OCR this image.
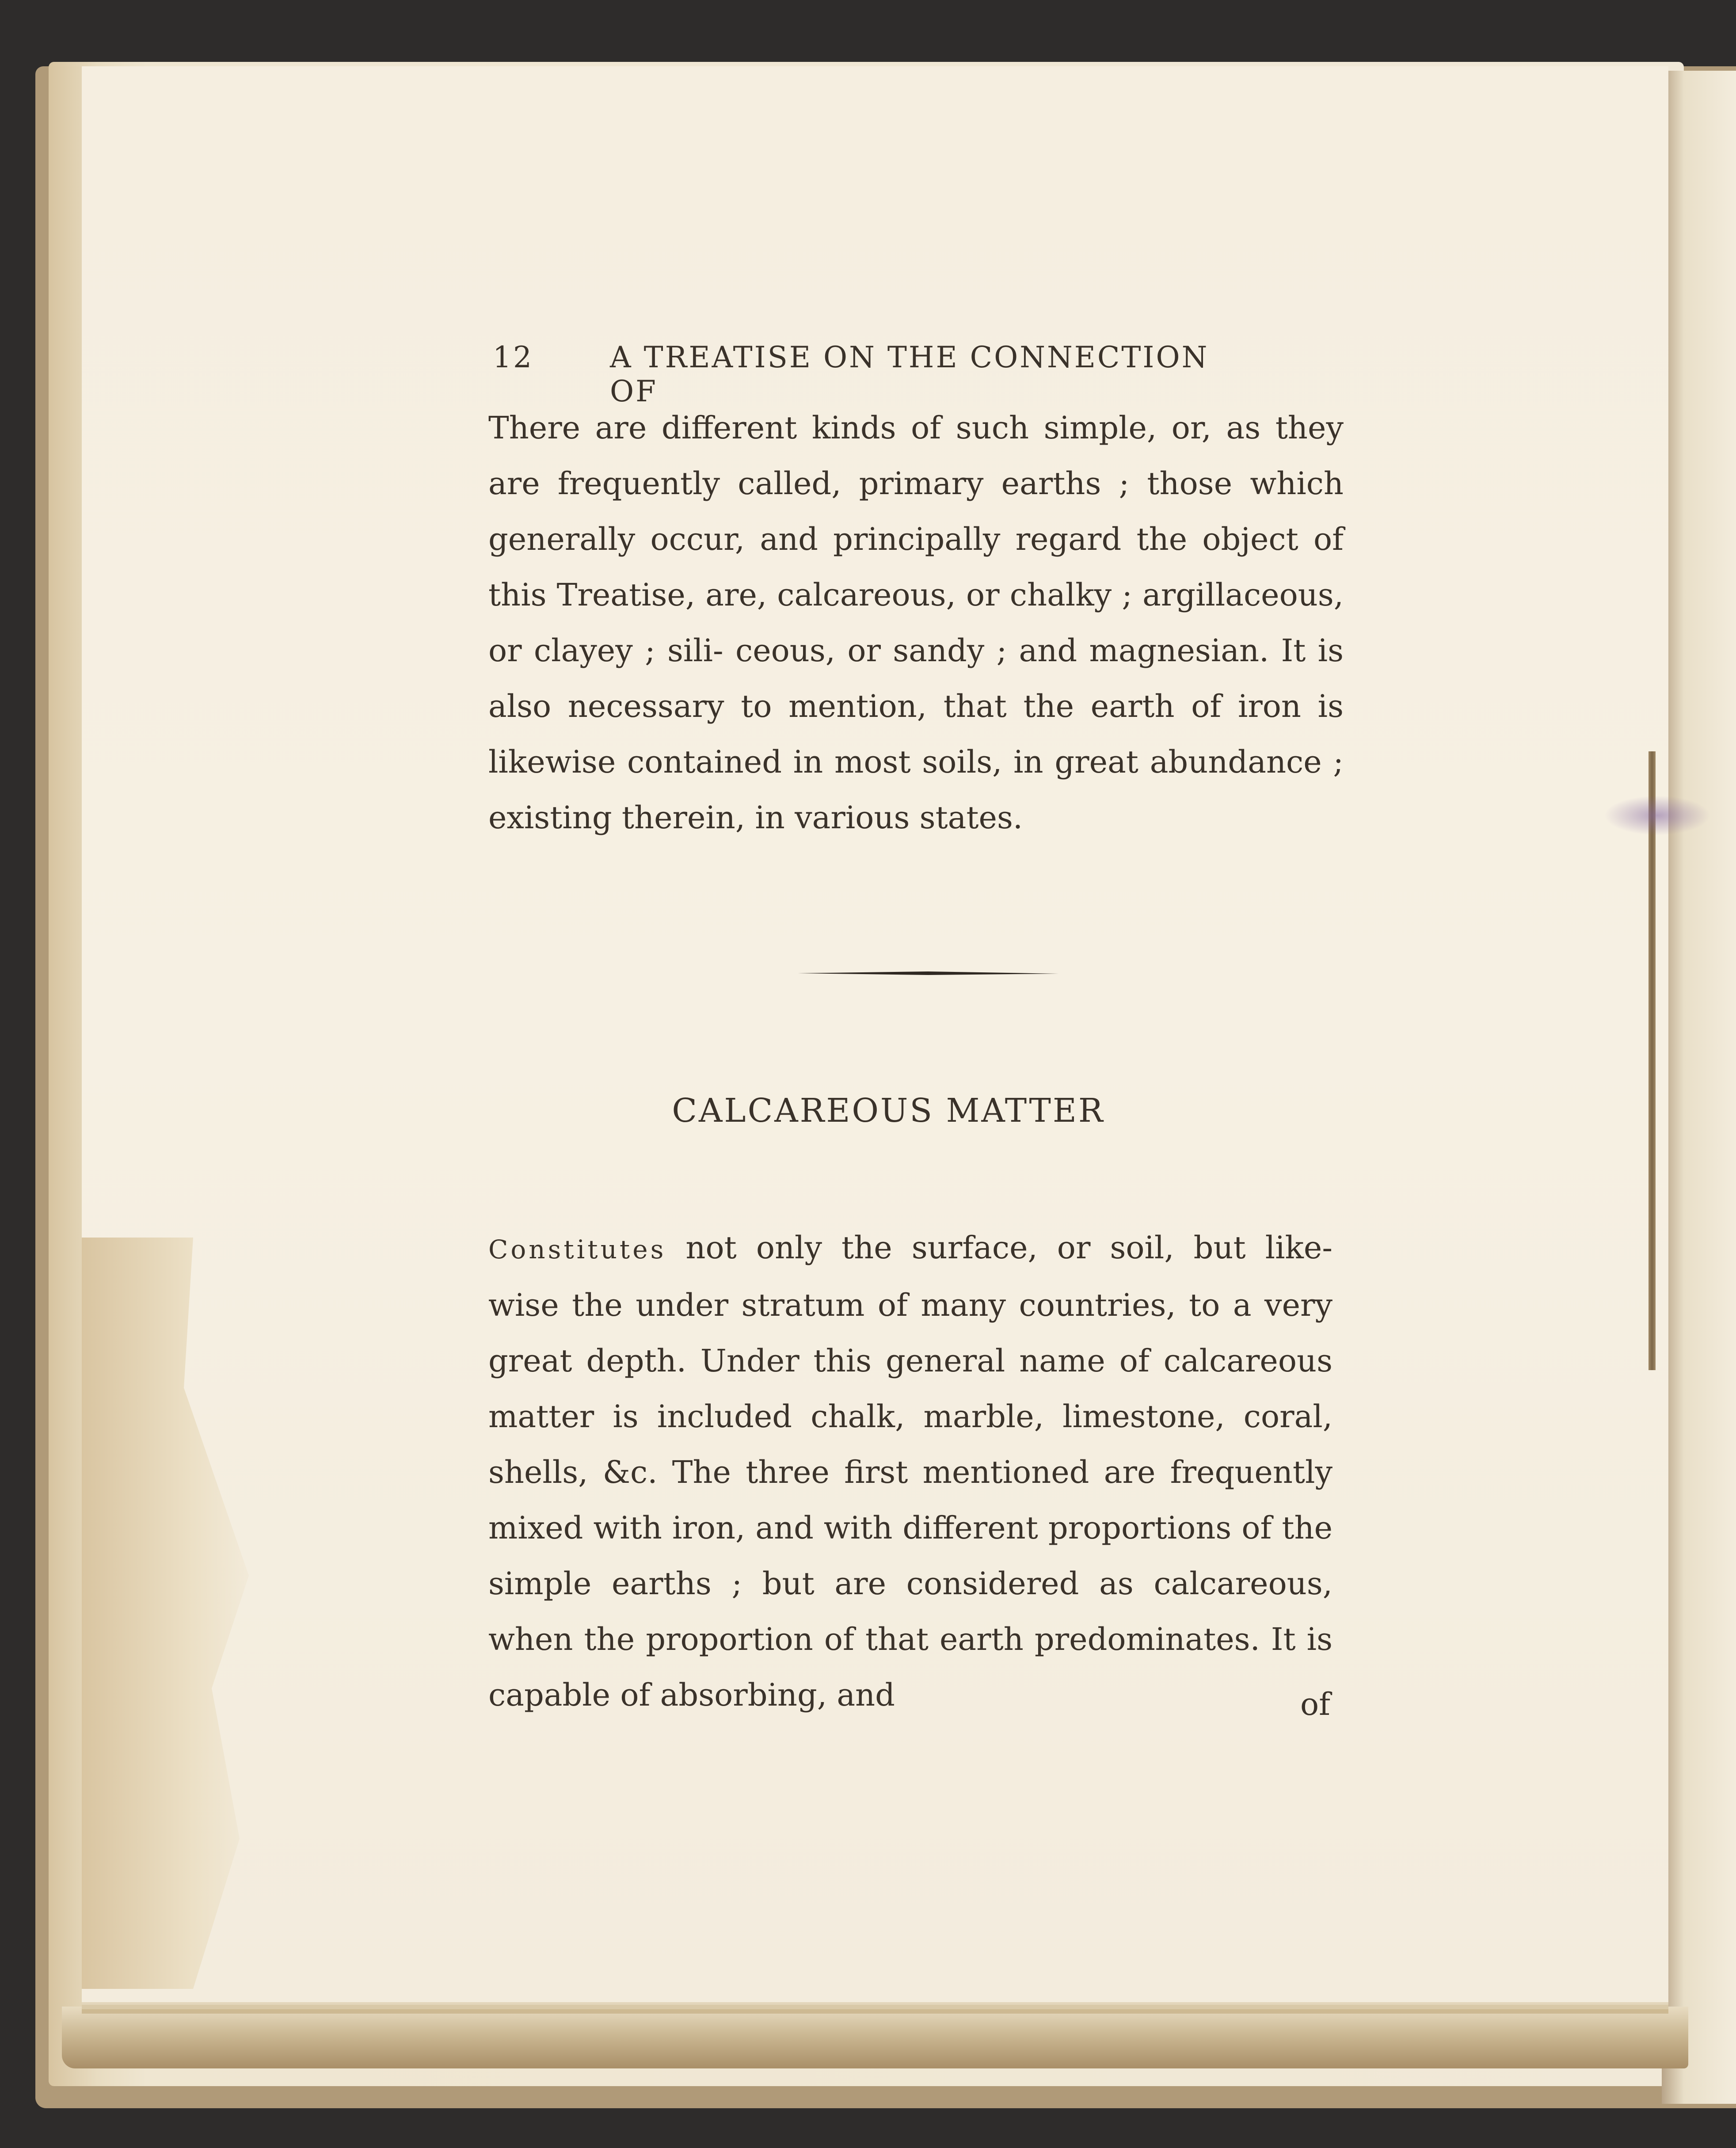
12	A TREATISE ON THE CONNECTION OF

There are different kinds of such simple, or, as they are frequently called, primary earths ; those which generally occur, and principally regard the object of this Treatise, are, calcareous, or chalky ; argillaceous, or clayey ; sili- ceous, or sandy ; and magnesian. It is also necessary to mention, that the earth of iron is likewise contained in most soils, in great abundance ; existing therein, in various states.

CALCAREOUS MATTER

Constitutes not only the surface, or soil, but like- wise the under stratum of many countries, to a very great depth. Under this general name of calcareous matter is included chalk, marble, limestone, coral, shells, &c. The three first mentioned are frequently mixed with iron, and with different proportions of the simple earths ; but are considered as calcareous, when the proportion of that earth predominates. It is capable of absorbing, and	of
